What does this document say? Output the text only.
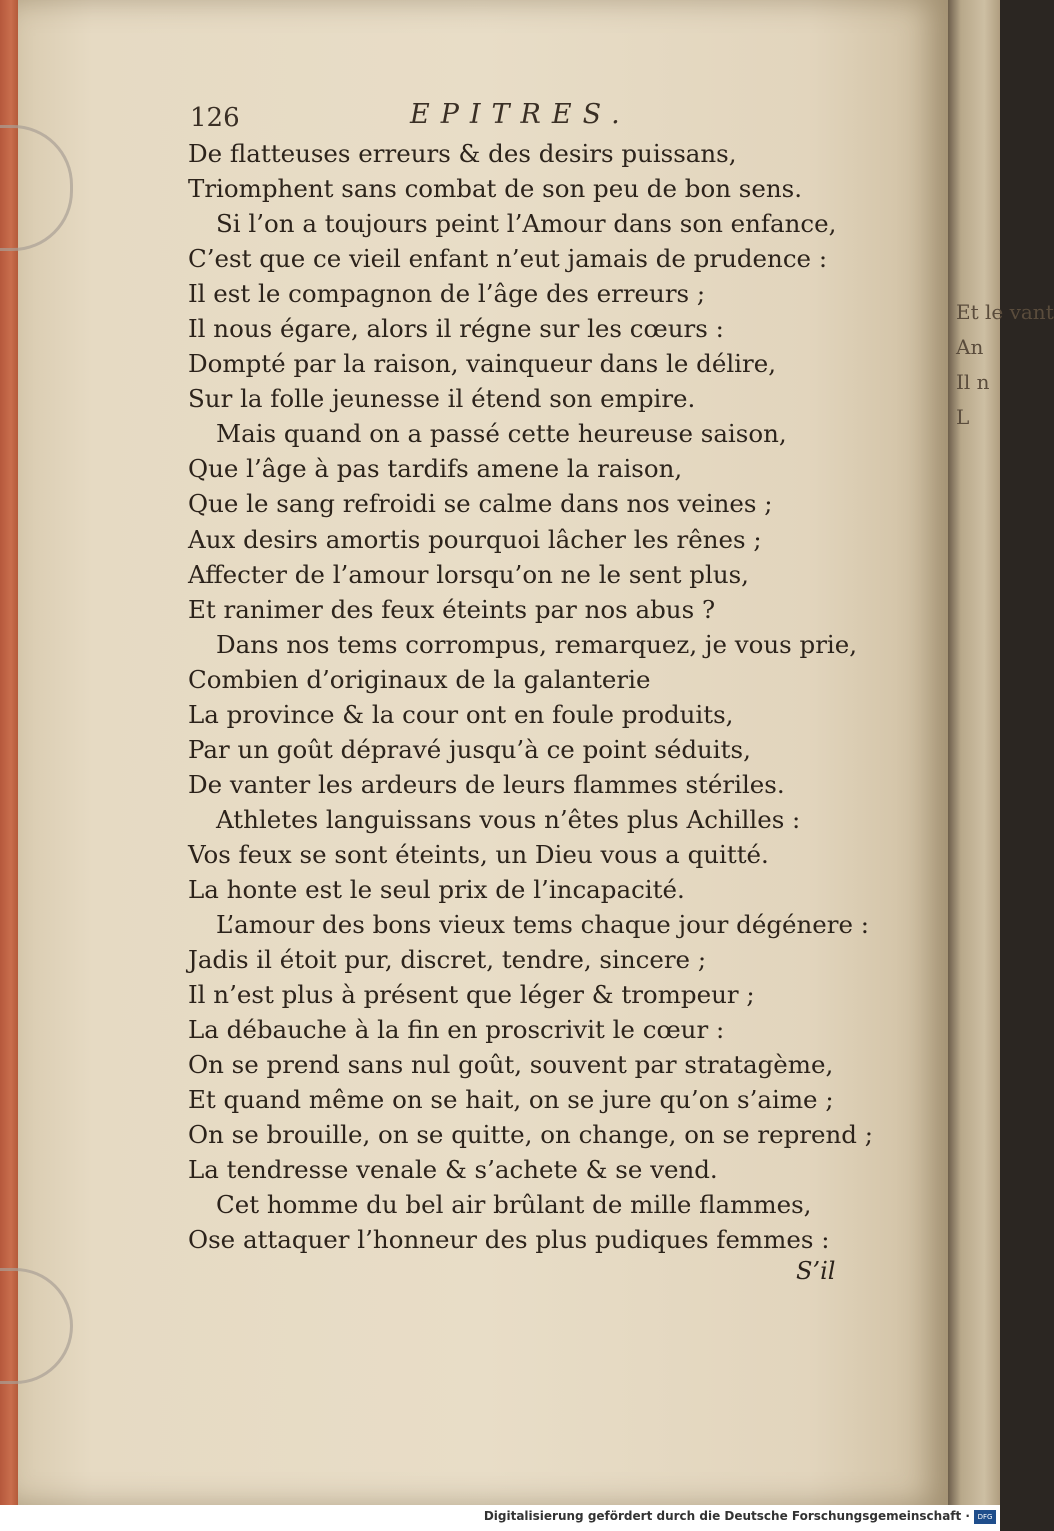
Et le vant
An
Il n
L
126	EPITRES.
De flatteuses erreurs & des desirs puissans,
Triomphent sans combat de son peu de bon sens.
Si l’on a toujours peint l’Amour dans son enfance,
C’est que ce vieil enfant n’eut jamais de prudence :
Il est le compagnon de l’âge des erreurs ;
Il nous égare, alors il régne sur les cœurs :
Dompté par la raison, vainqueur dans le délire,
Sur la folle jeunesse il étend son empire.
Mais quand on a passé cette heureuse saison,
Que l’âge à pas tardifs amene la raison,
Que le sang refroidi se calme dans nos veines ;
Aux desirs amortis pourquoi lâcher les rênes ;
Affecter de l’amour lorsqu’on ne le sent plus,
Et ranimer des feux éteints par nos abus ?
Dans nos tems corrompus, remarquez, je vous prie,
Combien d’originaux de la galanterie
La province & la cour ont en foule produits,
Par un goût dépravé jusqu’à ce point séduits,
De vanter les ardeurs de leurs flammes stériles.
Athletes languissans vous n’êtes plus Achilles :
Vos feux se sont éteints, un Dieu vous a quitté.
La honte est le seul prix de l’incapacité.
L’amour des bons vieux tems chaque jour dégénere :
Jadis il étoit pur, discret, tendre, sincere ;
Il n’est plus à présent que léger & trompeur ;
La débauche à la fin en proscrivit le cœur :
On se prend sans nul goût, souvent par stratagème,
Et quand même on se hait, on se jure qu’on s’aime ;
On se brouille, on se quitte, on change, on se reprend ;
La tendresse venale & s’achete & se vend.
Cet homme du bel air brûlant de mille flammes,
Ose attaquer l’honneur des plus pudiques femmes :
S’il
Digitalisierung gefördert durch die Deutsche Forschungsgemeinschaft ·	DFG
